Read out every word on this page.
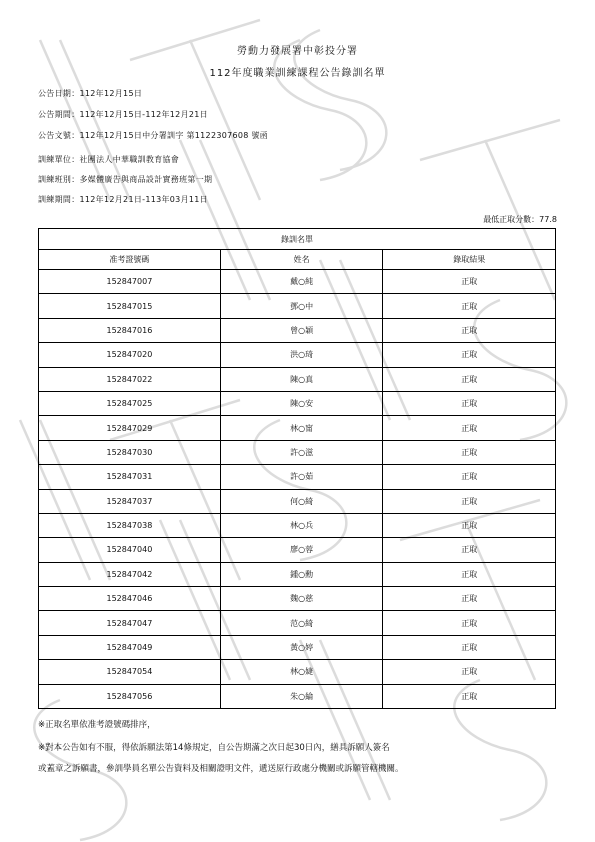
勞動力發展署中彰投分署
112年度職業訓練課程公告錄訓名單
公告日期：112年12月15日
公告期間：112年12月15日-112年12月21日
公告文號：112年12月15日中分署訓字 第1122307608 號函
訓練單位：社團法人中華職訓教育協會
訓練班別：多媒體廣告與商品設計實務班第一期
訓練期間：112年12月21日-113年03月11日
最低正取分數：77.8
錄訓名單		
准考證號碼	姓名	錄取結果
152847007	戴○純	正取
152847015	鄧○中	正取
152847016	曾○穎	正取
152847020	洪○琦	正取
152847022	陳○真	正取
152847025	陳○安	正取
152847029	林○甯	正取
152847030	許○滋	正取
152847031	許○茹	正取
152847037	何○綺	正取
152847038	林○兵	正取
152847040	廖○蓉	正取
152847042	鍾○勳	正取
152847046	魏○慈	正取
152847047	范○綺	正取
152847049	黃○婷	正取
152847054	林○婕	正取
152847056	朱○綸	正取
※正取名單依准考證號碼排序，
※對本公告如有不服，得依訴願法第14條規定，自公告期滿之次日起30日內，繕具訴願人簽名
或蓋章之訴願書，參訓學員名單公告資料及相關證明文件，遞送原行政處分機關或訴願管轄機關。
